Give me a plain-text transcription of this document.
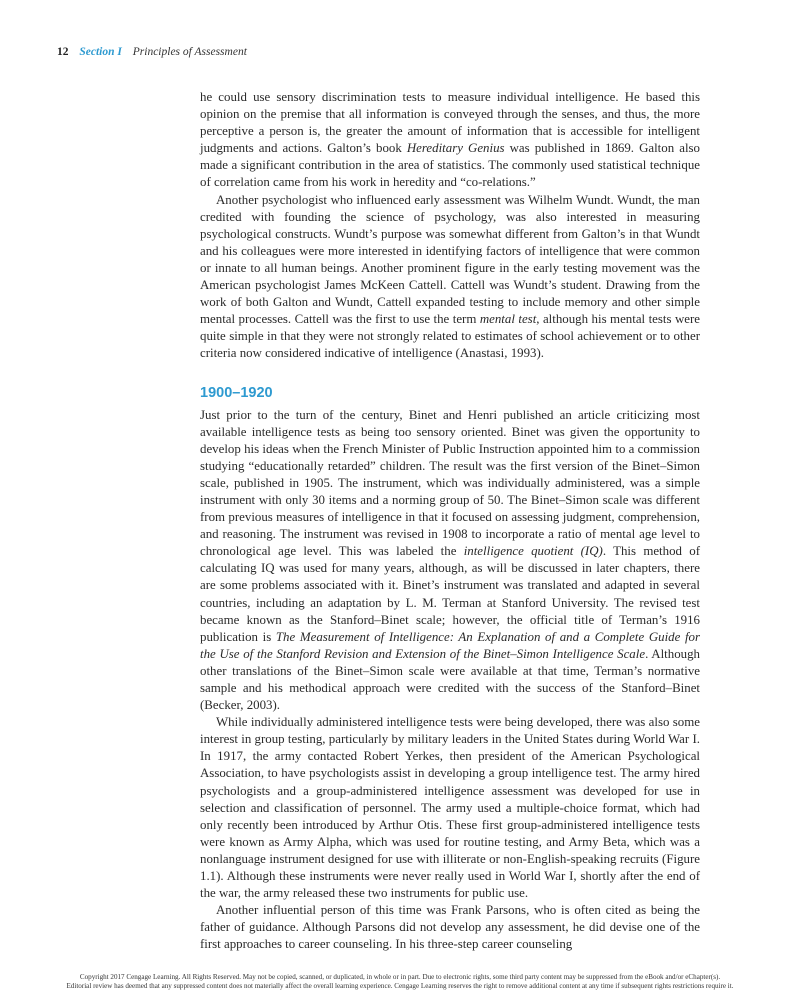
12 Section I Principles of Assessment

he could use sensory discrimination tests to measure individual intelligence. He based this opinion on the premise that all information is conveyed through the senses, and thus, the more perceptive a person is, the greater the amount of information that is accessible for intelligent judgments and actions. Galton’s book Hereditary Genius was published in 1869. Galton also made a significant contribution in the area of statistics. The commonly used statistical technique of correlation came from his work in heredity and “co-relations.”

Another psychologist who influenced early assessment was Wilhelm Wundt. Wundt, the man credited with founding the science of psychology, was also interested in measuring psychological constructs. Wundt’s purpose was somewhat different from Galton’s in that Wundt and his colleagues were more interested in identifying factors of intelligence that were common or innate to all human beings. Another prominent figure in the early testing movement was the American psychologist James McKeen Cattell. Cattell was Wundt’s student. Drawing from the work of both Galton and Wundt, Cattell expanded testing to include memory and other simple mental processes. Cattell was the first to use the term mental test, although his mental tests were quite simple in that they were not strongly related to estimates of school achievement or to other criteria now considered indicative of intelligence (Anastasi, 1993).

1900–1920

Just prior to the turn of the century, Binet and Henri published an article criticizing most available intelligence tests as being too sensory oriented. Binet was given the opportunity to develop his ideas when the French Minister of Public Instruction appointed him to a commission studying “educationally retarded” children. The result was the first version of the Binet–Simon scale, published in 1905. The instrument, which was individually administered, was a simple instrument with only 30 items and a norming group of 50. The Binet–Simon scale was different from previous measures of intelligence in that it focused on assessing judgment, comprehension, and reasoning. The instrument was revised in 1908 to incorporate a ratio of mental age level to chronological age level. This was labeled the intelligence quotient (IQ). This method of calculating IQ was used for many years, although, as will be discussed in later chapters, there are some problems associated with it. Binet’s instrument was translated and adapted in several countries, including an adaptation by L. M. Terman at Stanford University. The revised test became known as the Stanford–Binet scale; however, the official title of Terman’s 1916 publication is The Measurement of Intelligence: An Explanation of and a Complete Guide for the Use of the Stanford Revision and Extension of the Binet–Simon Intelligence Scale. Although other translations of the Binet–Simon scale were available at that time, Terman’s normative sample and his methodical approach were credited with the success of the Stanford–Binet (Becker, 2003).

While individually administered intelligence tests were being developed, there was also some interest in group testing, particularly by military leaders in the United States during World War I. In 1917, the army contacted Robert Yerkes, then president of the American Psychological Association, to have psychologists assist in developing a group intelligence test. The army hired psychologists and a group-administered intelligence assessment was developed for use in selection and classification of personnel. The army used a multiple-choice format, which had only recently been introduced by Arthur Otis. These first group-administered intelligence tests were known as Army Alpha, which was used for routine testing, and Army Beta, which was a nonlanguage instrument designed for use with illiterate or non-English-speaking recruits (Figure 1.1). Although these instruments were never really used in World War I, shortly after the end of the war, the army released these two instruments for public use.

Another influential person of this time was Frank Parsons, who is often cited as being the father of guidance. Although Parsons did not develop any assessment, he did devise one of the first approaches to career counseling. In his three-step career counseling

Copyright 2017 Cengage Learning. All Rights Reserved. May not be copied, scanned, or duplicated, in whole or in part. Due to electronic rights, some third party content may be suppressed from the eBook and/or eChapter(s).
Editorial review has deemed that any suppressed content does not materially affect the overall learning experience. Cengage Learning reserves the right to remove additional content at any time if subsequent rights restrictions require it.
